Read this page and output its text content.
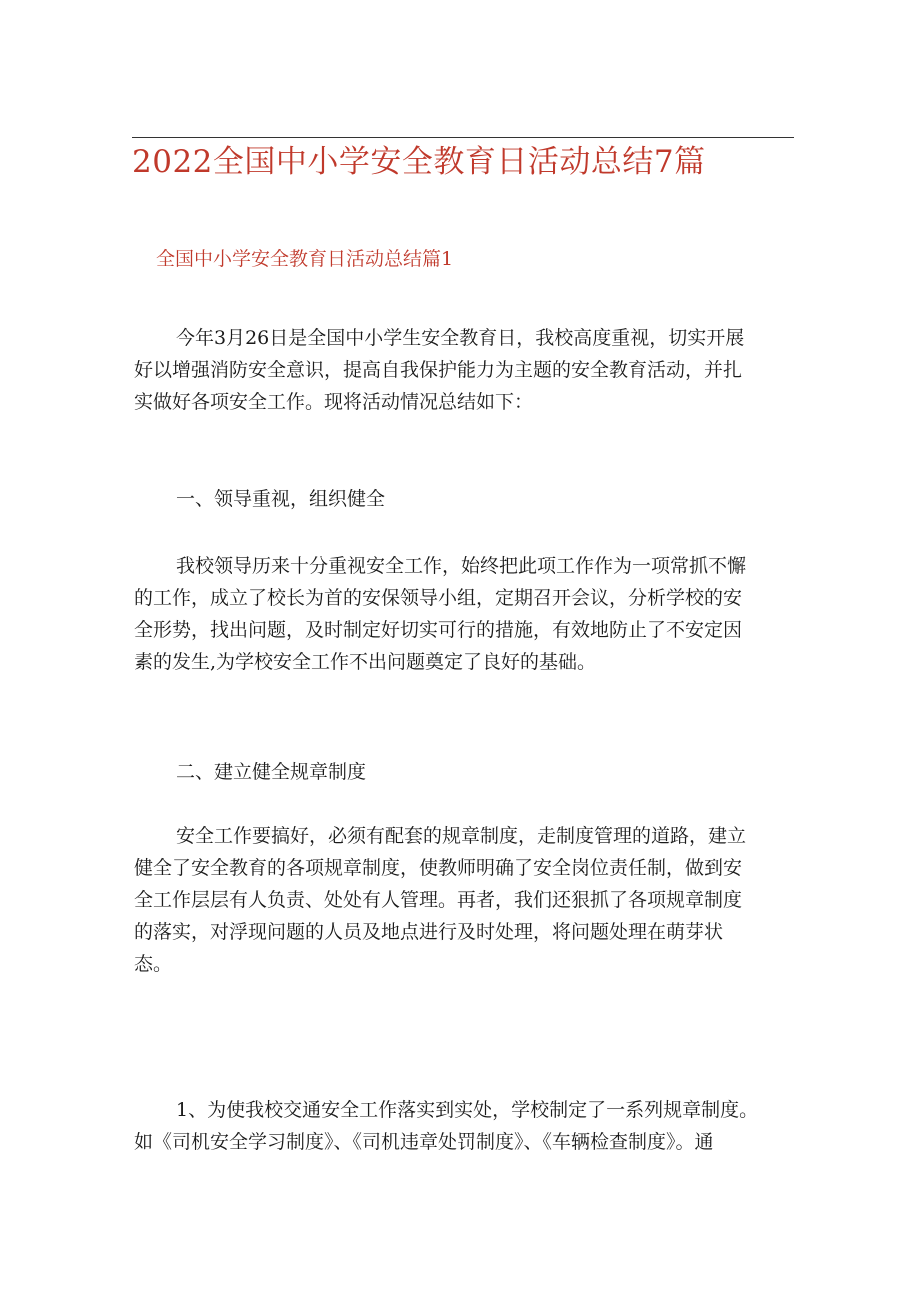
2022全国中小学安全教育日活动总结7篇
全国中小学安全教育日活动总结篇1
今年3月26日是全国中小学生安全教育日，我校高度重视，切实开展
好以增强消防安全意识，提高自我保护能力为主题的安全教育活动，并扎
实做好各项安全工作。现将活动情况总结如下：
一、领导重视，组织健全
我校领导历来十分重视安全工作，始终把此项工作作为一项常抓不懈
的工作，成立了校长为首的安保领导小组，定期召开会议，分析学校的安
全形势，找出问题，及时制定好切实可行的措施，有效地防止了不安定因
素的发生,为学校安全工作不出问题奠定了良好的基础。
二、建立健全规章制度
安全工作要搞好，必须有配套的规章制度，走制度管理的道路，建立
健全了安全教育的各项规章制度，使教师明确了安全岗位责任制，做到安
全工作层层有人负责、处处有人管理。再者，我们还狠抓了各项规章制度
的落实，对浮现问题的人员及地点进行及时处理，将问题处理在萌芽状
态。
1、为使我校交通安全工作落实到实处，学校制定了一系列规章制度。
如《司机安全学习制度》、《司机违章处罚制度》、《车辆检查制度》。通
